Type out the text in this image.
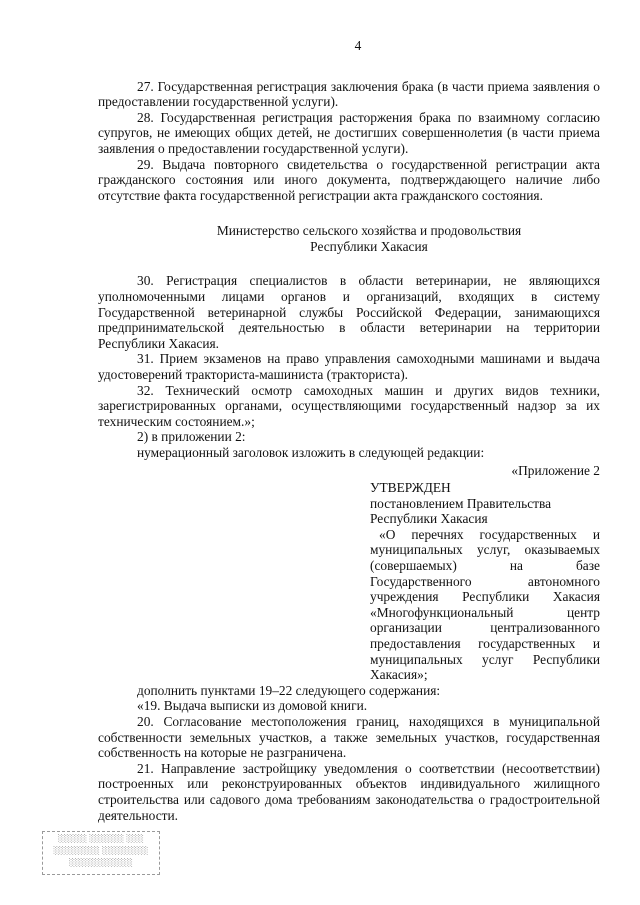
4

27. Государственная регистрация заключения брака (в части приема заявления о предоставлении государственной услуги).

28. Государственная регистрация расторжения брака по взаимному согласию супругов, не имеющих общих детей, не достигших совершеннолетия (в части приема заявления о предоставлении государственной услуги).

29. Выдача повторного свидетельства о государственной регистрации акта гражданского состояния или иного документа, подтверждающего наличие либо отсутствие факта государственной регистрации акта гражданского состояния.

Министерство сельского хозяйства и продовольствия
Республики Хакасия

30. Регистрация специалистов в области ветеринарии, не являющихся уполномоченными лицами органов и организаций, входящих в систему Государственной ветеринарной службы Российской Федерации, занимающихся предпринимательской деятельностью в области ветеринарии на территории Республики Хакасия.

31. Прием экзаменов на право управления самоходными машинами и выдача удостоверений тракториста-машиниста (тракториста).

32. Технический осмотр самоходных машин и других видов техники, зарегистрированных органами, осуществляющими государственный надзор за их техническим состоянием.»;

2) в приложении 2:

нумерационный заголовок изложить в следующей редакции:

«Приложение 2

УТВЕРЖДЕН

постановлением Правительства

Республики Хакасия

«О перечнях государственных и муниципальных услуг, оказываемых (совершаемых) на базе Государственного автономного учреждения Республики Хакасия «Многофункциональный центр организации централизованного предоставления государственных и муниципальных услуг Республики Хакасия»;

дополнить пунктами 19–22 следующего содержания:

«19. Выдача выписки из домовой книги.

20. Согласование местоположения границ, находящихся в муниципальной собственности земельных участков, а также земельных участков, государственная собственность на которые не разграничена.

21. Направление застройщику уведомления о соответствии (несоответствии) построенных или реконструированных объектов индивидуального жилищного строительства или садового дома требованиям законодательства о градостроительной деятельности.

░░░░░ ░░░░░░ ░░░
░░░░░░░░ ░░░░░░░░
░░░░░░░░░░░
